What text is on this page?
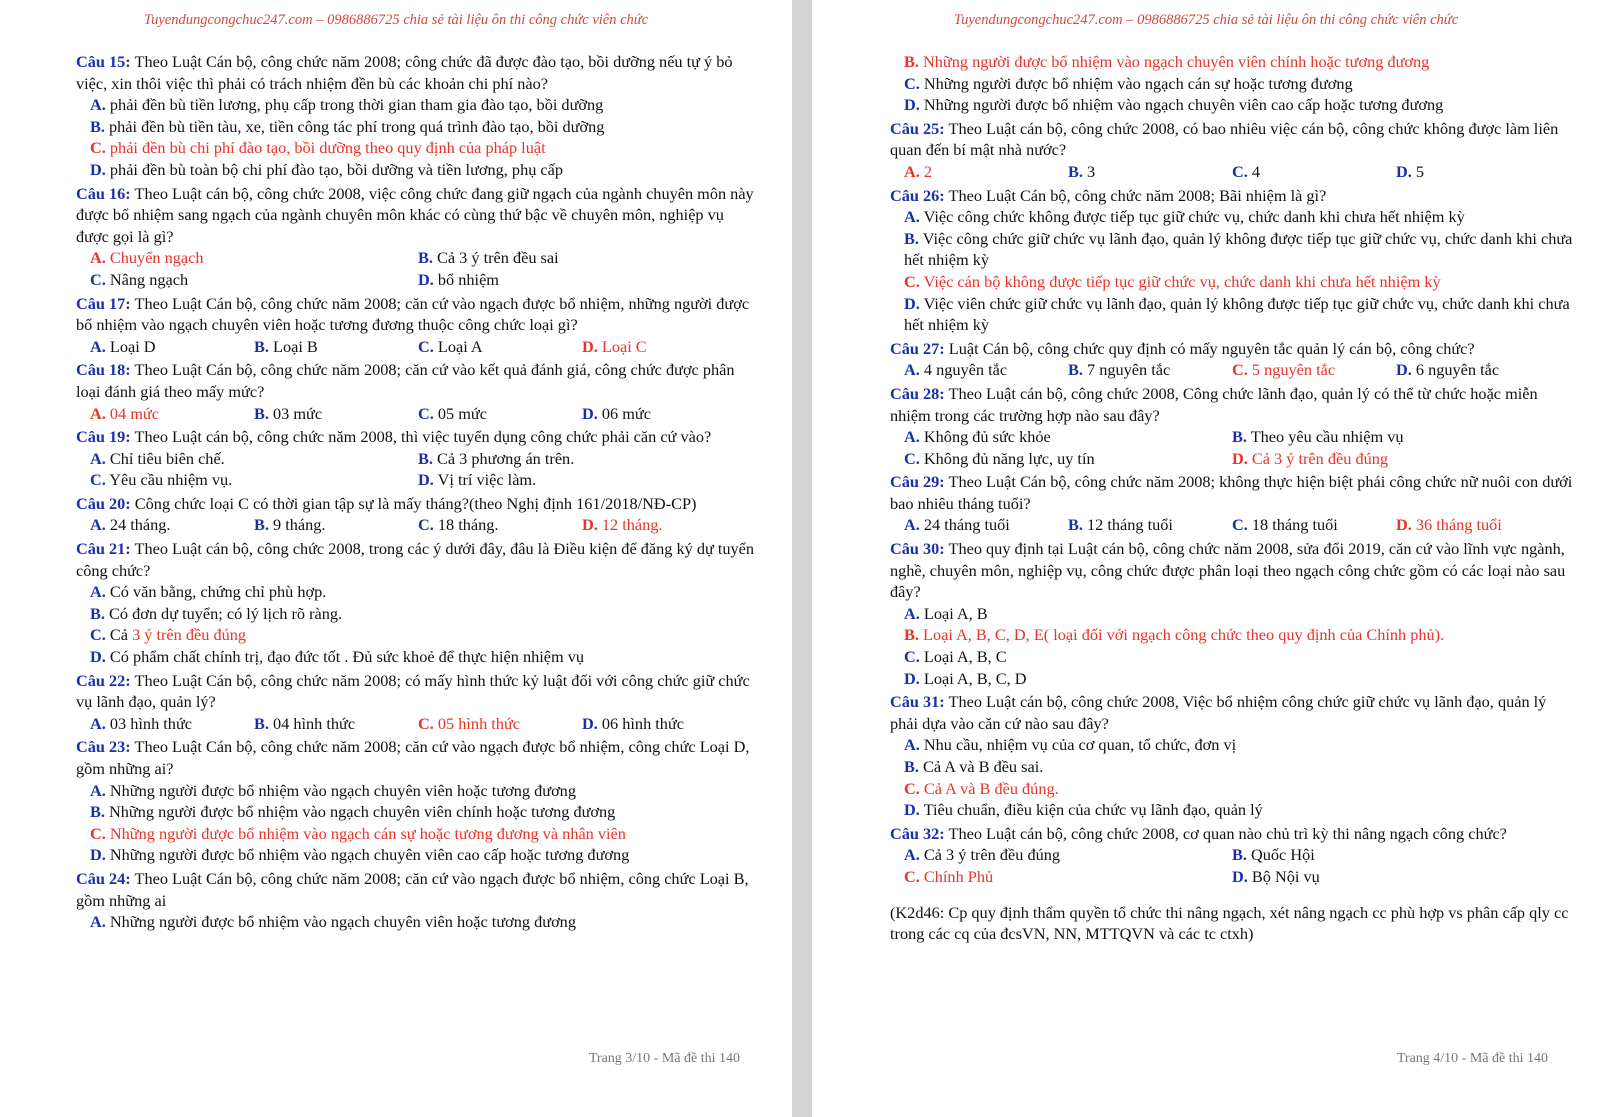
Tuyendungcongchuc247.com – 0986886725 chia sẻ tài liệu ôn thi công chức viên chức
Câu 15: Theo Luật Cán bộ, công chức năm 2008; công chức đã được đào tạo, bồi dưỡng nếu tự ý bỏ việc, xin thôi việc thì phải có trách nhiệm đền bù các khoản chi phí nào?
A. phải đền bù tiền lương, phụ cấp trong thời gian tham gia đào tạo, bồi dưỡng
B. phải đền bù tiền tàu, xe, tiền công tác phí trong quá trình đào tạo, bồi dưỡng
C. phải đền bù chi phí đào tạo, bồi dưỡng theo quy định của pháp luật
D. phải đền bù toàn bộ chi phí đào tạo, bồi dưỡng và tiền lương, phụ cấp
Câu 16: Theo Luật cán bộ, công chức 2008, việc công chức đang giữ ngạch của ngành chuyên môn này được bổ nhiệm sang ngạch của ngành chuyên môn khác có cùng thứ bậc về chuyên môn, nghiệp vụ được gọi là gì?
A. Chuyển ngạch	B. Cả 3 ý trên đều sai
C. Nâng ngạch	D. bổ nhiệm
Câu 17: Theo Luật Cán bộ, công chức năm 2008; căn cứ vào ngạch được bổ nhiệm, những người được bổ nhiệm vào ngạch chuyên viên hoặc tương đương thuộc công chức loại gì?
A. Loại D	B. Loại B	C. Loại A	D. Loại C
Câu 18: Theo Luật Cán bộ, công chức năm 2008; căn cứ vào kết quả đánh giá, công chức được phân loại đánh giá theo mấy mức?
A. 04 mức	B. 03 mức	C. 05 mức	D. 06 mức
Câu 19: Theo Luật cán bộ, công chức năm 2008, thì việc tuyển dụng công chức phải căn cứ vào?
A. Chỉ tiêu biên chế.	B. Cả 3 phương án trên.
C. Yêu cầu nhiệm vụ.	D. Vị trí việc làm.
Câu 20: Công chức loại C có thời gian tập sự là mấy tháng?(theo Nghị định 161/2018/NĐ-CP)
A. 24 tháng.	B. 9 tháng.	C. 18 tháng.	D. 12 tháng.
Câu 21: Theo Luật cán bộ, công chức 2008, trong các ý dưới đây, đâu là Điều kiện để đăng ký dự tuyển công chức?
A. Có văn bằng, chứng chỉ phù hợp.
B. Có đơn dự tuyển; có lý lịch rõ ràng.
C. Cả 3 ý trên đều đúng
D. Có phẩm chất chính trị, đạo đức tốt . Đủ sức khoẻ để thực hiện nhiệm vụ
Câu 22: Theo Luật Cán bộ, công chức năm 2008; có mấy hình thức kỷ luật đối với công chức giữ chức vụ lãnh đạo, quản lý?
A. 03 hình thức	B. 04 hình thức	C. 05 hình thức	D. 06 hình thức
Câu 23: Theo Luật Cán bộ, công chức năm 2008; căn cứ vào ngạch được bổ nhiệm, công chức Loại D, gồm những ai?
A. Những người được bổ nhiệm vào ngạch chuyên viên hoặc tương đương
B. Những người được bổ nhiệm vào ngạch chuyên viên chính hoặc tương đương
C. Những người được bổ nhiệm vào ngạch cán sự hoặc tương đương và nhân viên
D. Những người được bổ nhiệm vào ngạch chuyên viên cao cấp hoặc tương đương
Câu 24: Theo Luật Cán bộ, công chức năm 2008; căn cứ vào ngạch được bổ nhiệm, công chức Loại B, gồm những ai
A. Những người được bổ nhiệm vào ngạch chuyên viên hoặc tương đương
Trang 3/10 - Mã đề thi 140
Tuyendungcongchuc247.com – 0986886725 chia sẻ tài liệu ôn thi công chức viên chức
B. Những người được bổ nhiệm vào ngạch chuyên viên chính hoặc tương đương
C. Những người được bổ nhiệm vào ngạch cán sự hoặc tương đương
D. Những người được bổ nhiệm vào ngạch chuyên viên cao cấp hoặc tương đương
Câu 25: Theo Luật cán bộ, công chức 2008, có bao nhiêu việc cán bộ, công chức không được làm liên quan đến bí mật nhà nước?
A. 2	B. 3	C. 4	D. 5
Câu 26: Theo Luật Cán bộ, công chức năm 2008; Bãi nhiệm là gì?
A. Việc công chức không được tiếp tục giữ chức vụ, chức danh khi chưa hết nhiệm kỳ
B. Việc công chức giữ chức vụ lãnh đạo, quản lý không được tiếp tục giữ chức vụ, chức danh khi chưa hết nhiệm kỳ
C. Việc cán bộ không được tiếp tục giữ chức vụ, chức danh khi chưa hết nhiệm kỳ
D. Việc viên chức giữ chức vụ lãnh đạo, quản lý không được tiếp tục giữ chức vụ, chức danh khi chưa hết nhiệm kỳ
Câu 27: Luật Cán bộ, công chức quy định có mấy nguyên tắc quản lý cán bộ, công chức?
A. 4 nguyên tắc	B. 7 nguyên tắc	C. 5 nguyên tắc	D. 6 nguyên tắc
Câu 28: Theo Luật cán bộ, công chức 2008, Công chức lãnh đạo, quản lý có thể từ chức hoặc miễn nhiệm trong các trường hợp nào sau đây?
A. Không đủ sức khỏe	B. Theo yêu cầu nhiệm vụ
C. Không đủ năng lực, uy tín	D. Cả 3 ý trên đều đúng
Câu 29: Theo Luật Cán bộ, công chức năm 2008; không thực hiện biệt phái công chức nữ nuôi con dưới bao nhiêu tháng tuổi?
A. 24 tháng tuổi	B. 12 tháng tuổi	C. 18 tháng tuổi	D. 36 tháng tuổi
Câu 30: Theo quy định tại Luật cán bộ, công chức năm 2008, sửa đổi 2019, căn cứ vào lĩnh vực ngành, nghề, chuyên môn, nghiệp vụ, công chức được phân loại theo ngạch công chức gồm có các loại nào sau đây?
A. Loại A, B
B. Loại A, B, C, D, E( loại đối với ngạch công chức theo quy định của Chính phủ).
C. Loại A, B, C
D. Loại A, B, C, D
Câu 31: Theo Luật cán bộ, công chức 2008, Việc bổ nhiệm công chức giữ chức vụ lãnh đạo, quản lý phải dựa vào căn cứ nào sau đây?
A. Nhu cầu, nhiệm vụ của cơ quan, tổ chức, đơn vị
B. Cả A và B đều sai.
C. Cả A và B đều đúng.
D. Tiêu chuẩn, điều kiện của chức vụ lãnh đạo, quản lý
Câu 32: Theo Luật cán bộ, công chức 2008, cơ quan nào chủ trì kỳ thi nâng ngạch công chức?
A. Cả 3 ý trên đều đúng	B. Quốc Hội
C. Chính Phủ	D. Bộ Nội vụ
(K2d46: Cp quy định thẩm quyền tổ chức thi nâng ngạch, xét nâng ngạch cc phù hợp vs phân cấp qly cc trong các cq của đcsVN, NN, MTTQVN và các tc ctxh)
Trang 4/10 - Mã đề thi 140
